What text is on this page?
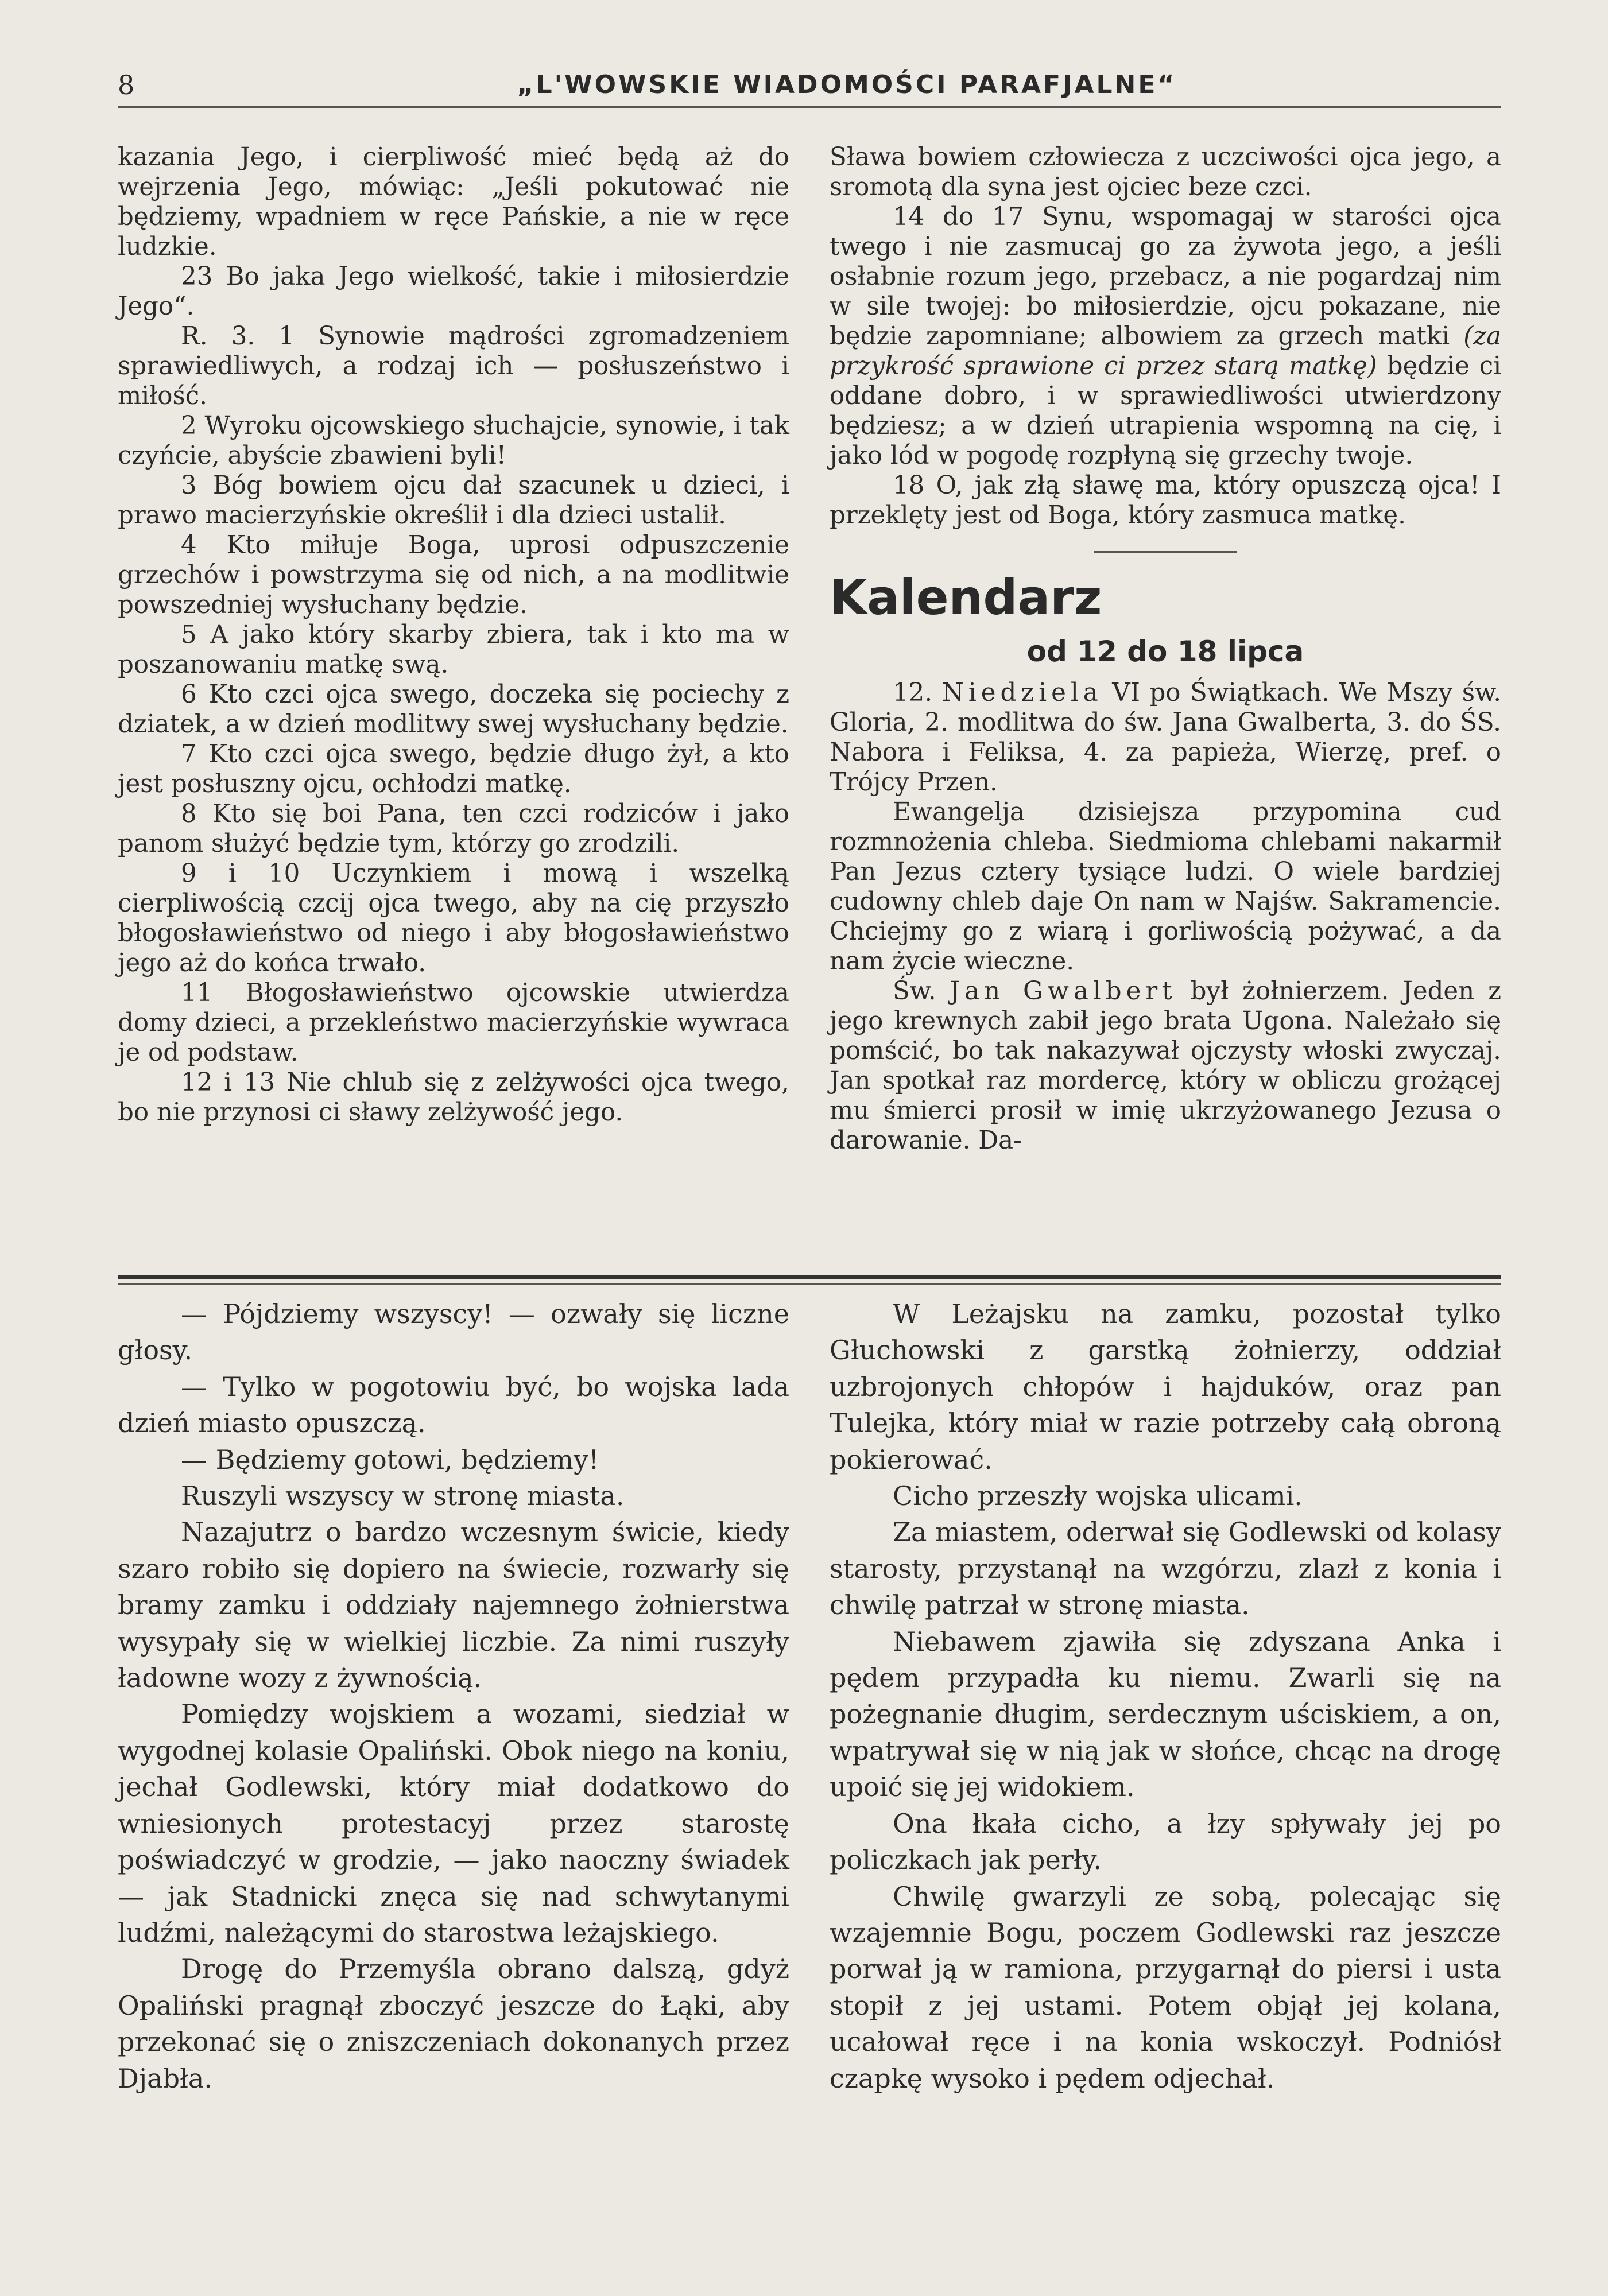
8	„L'WOWSKIE WIADOMOŚCI PARAFJALNE“

kazania Jego, i cierpliwość mieć będą aż do wejrzenia Jego, mówiąc: „Jeśli pokutować nie będziemy, wpadniem w ręce Pańskie, a nie w ręce ludzkie.

23 Bo jaka Jego wielkość, takie i miłosierdzie Jego“.

R. 3. 1 Synowie mądrości zgromadzeniem sprawiedliwych, a rodzaj ich — posłuszeństwo i miłość.

2 Wyroku ojcowskiego słuchajcie, synowie, i tak czyńcie, abyście zbawieni byli!

3 Bóg bowiem ojcu dał szacunek u dzieci, i prawo macierzyńskie określił i dla dzieci ustalił.

4 Kto miłuje Boga, uprosi odpuszczenie grzechów i powstrzyma się od nich, a na modlitwie powszedniej wysłuchany będzie.

5 A jako który skarby zbiera, tak i kto ma w poszanowaniu matkę swą.

6 Kto czci ojca swego, doczeka się pociechy z dziatek, a w dzień modlitwy swej wysłuchany będzie.

7 Kto czci ojca swego, będzie długo żył, a kto jest posłuszny ojcu, ochłodzi matkę.

8 Kto się boi Pana, ten czci rodziców i jako panom służyć będzie tym, którzy go zrodzili.

9 i 10 Uczynkiem i mową i wszelką cierpliwością czcij ojca twego, aby na cię przyszło błogosławieństwo od niego i aby błogosławieństwo jego aż do końca trwało.

11 Błogosławieństwo ojcowskie utwierdza domy dzieci, a przekleństwo macierzyńskie wywraca je od podstaw.

12 i 13 Nie chlub się z zelżywości ojca twego, bo nie przynosi ci sławy zelżywość jego.

Sława bowiem człowiecza z uczciwości ojca jego, a sromotą dla syna jest ojciec beze czci.

14 do 17 Synu, wspomagaj w starości ojca twego i nie zasmucaj go za żywota jego, a jeśli osłabnie rozum jego, przebacz, a nie pogardzaj nim w sile twojej: bo miłosierdzie, ojcu pokazane, nie będzie zapomniane; albowiem za grzech matki (za przykrość sprawione ci przez starą matkę) będzie ci oddane dobro, i w sprawiedliwości utwierdzony będziesz; a w dzień utrapienia wspomną na cię, i jako lód w pogodę rozpłyną się grzechy twoje.

18 O, jak złą sławę ma, który opuszczą ojca! I przeklęty jest od Boga, który zasmuca matkę.

Kalendarz
od 12 do 18 lipca

12. Niedziela VI po Świątkach. We Mszy św. Gloria, 2. modlitwa do św. Jana Gwalberta, 3. do ŚS. Nabora i Feliksa, 4. za papieża, Wierzę, pref. o Trójcy Przen.

Ewangelja dzisiejsza przypomina cud rozmnożenia chleba. Siedmioma chlebami nakarmił Pan Jezus cztery tysiące ludzi. O wiele bardziej cudowny chleb daje On nam w Najśw. Sakramencie. Chciejmy go z wiarą i gorliwością pożywać, a da nam życie wieczne.

Św. Jan Gwalbert był żołnierzem. Jeden z jego krewnych zabił jego brata Ugona. Należało się pomścić, bo tak nakazywał ojczysty włoski zwyczaj. Jan spotkał raz mordercę, który w obliczu grożącej mu śmierci prosił w imię ukrzyżowanego Jezusa o darowanie. Da-

— Pójdziemy wszyscy! — ozwały się liczne głosy.

— Tylko w pogotowiu być, bo wojska lada dzień miasto opuszczą.

— Będziemy gotowi, będziemy!

Ruszyli wszyscy w stronę miasta.

Nazajutrz o bardzo wczesnym świcie, kiedy szaro robiło się dopiero na świecie, rozwarły się bramy zamku i oddziały najemnego żołnierstwa wysypały się w wielkiej liczbie. Za nimi ruszyły ładowne wozy z żywnością.

Pomiędzy wojskiem a wozami, siedział w wygodnej kolasie Opaliński. Obok niego na koniu, jechał Godlewski, który miał dodatkowo do wniesionych protestacyj przez starostę poświadczyć w grodzie, — jako naoczny świadek — jak Stadnicki znęca się nad schwytanymi ludźmi, należącymi do starostwa leżajskiego.

Drogę do Przemyśla obrano dalszą, gdyż Opaliński pragnął zboczyć jeszcze do Łąki, aby przekonać się o zniszczeniach dokonanych przez Djabła.

W Leżajsku na zamku, pozostał tylko Głuchowski z garstką żołnierzy, oddział uzbrojonych chłopów i hajduków, oraz pan Tulejka, który miał w razie potrzeby całą obroną pokierować.

Cicho przeszły wojska ulicami.

Za miastem, oderwał się Godlewski od kolasy starosty, przystanął na wzgórzu, zlazł z konia i chwilę patrzał w stronę miasta.

Niebawem zjawiła się zdyszana Anka i pędem przypadła ku niemu. Zwarli się na pożegnanie długim, serdecznym uściskiem, a on, wpatrywał się w nią jak w słońce, chcąc na drogę upoić się jej widokiem.

Ona łkała cicho, a łzy spływały jej po policzkach jak perły.

Chwilę gwarzyli ze sobą, polecając się wzajemnie Bogu, poczem Godlewski raz jeszcze porwał ją w ramiona, przygarnął do piersi i usta stopił z jej ustami. Potem objął jej kolana, ucałował ręce i na konia wskoczył. Podniósł czapkę wysoko i pędem odjechał.
